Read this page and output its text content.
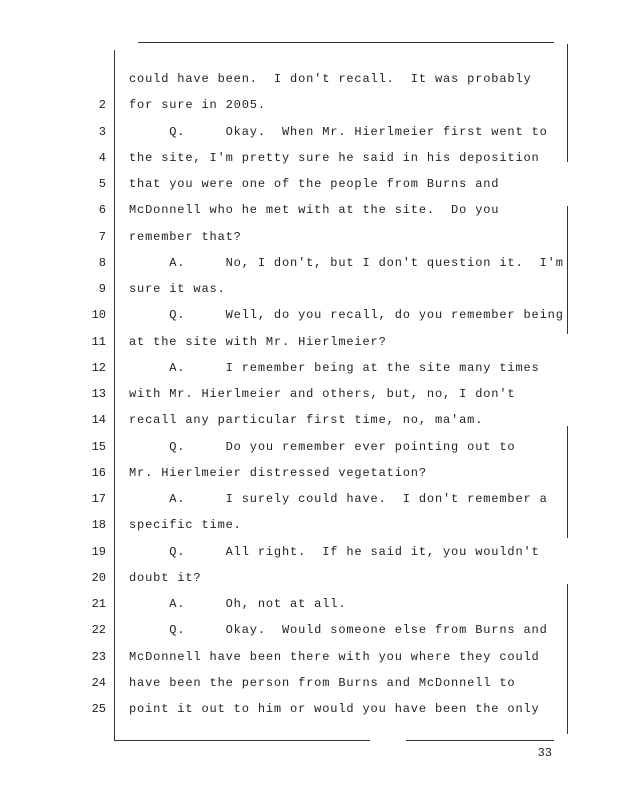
could have been.  I don't recall.  It was probably
2 for sure in 2005.
3 Q.     Okay.  When Mr. Hierlmeier first went to
4 the site, I'm pretty sure he said in his deposition
5 that you were one of the people from Burns and
6 McDonnell who he met with at the site.  Do you
7 remember that?
8 A.     No, I don't, but I don't question it.  I'm
9 sure it was.
10 Q.     Well, do you recall, do you remember being
11 at the site with Mr. Hierlmeier?
12 A.     I remember being at the site many times
13 with Mr. Hierlmeier and others, but, no, I don't
14 recall any particular first time, no, ma'am.
15 Q.     Do you remember ever pointing out to
16 Mr. Hierlmeier distressed vegetation?
17 A.     I surely could have.  I don't remember a
18 specific time.
19 Q.     All right.  If he said it, you wouldn't
20 doubt it?
21 A.     Oh, not at all.
22 Q.     Okay.  Would someone else from Burns and
23 McDonnell have been there with you where they could
24 have been the person from Burns and McDonnell to
25 point it out to him or would you have been the only
33
